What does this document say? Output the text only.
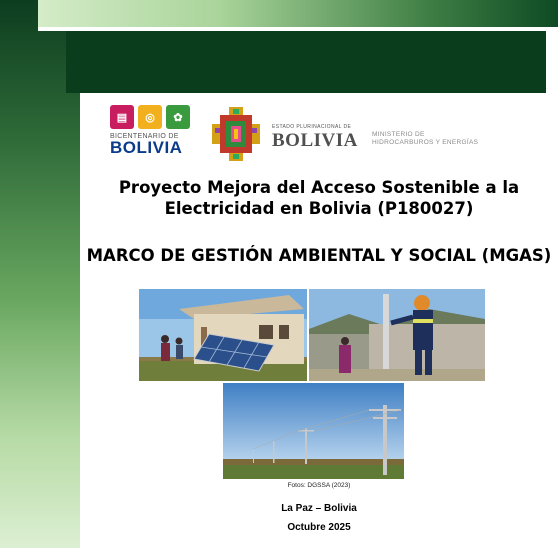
▤	◎	✿
BICENTENARIO DE
BOLIVIA
ESTADO PLURINACIONAL DE
BOLIVIA MINISTERIO DE
HIDROCARBUROS Y ENERGÍAS
Proyecto Mejora del Acceso Sostenible a la Electricidad en Bolivia (P180027)
MARCO DE GESTIÓN AMBIENTAL Y SOCIAL (MGAS)
Fotos: DGSSA (2023)
La Paz – Bolivia
Octubre 2025
